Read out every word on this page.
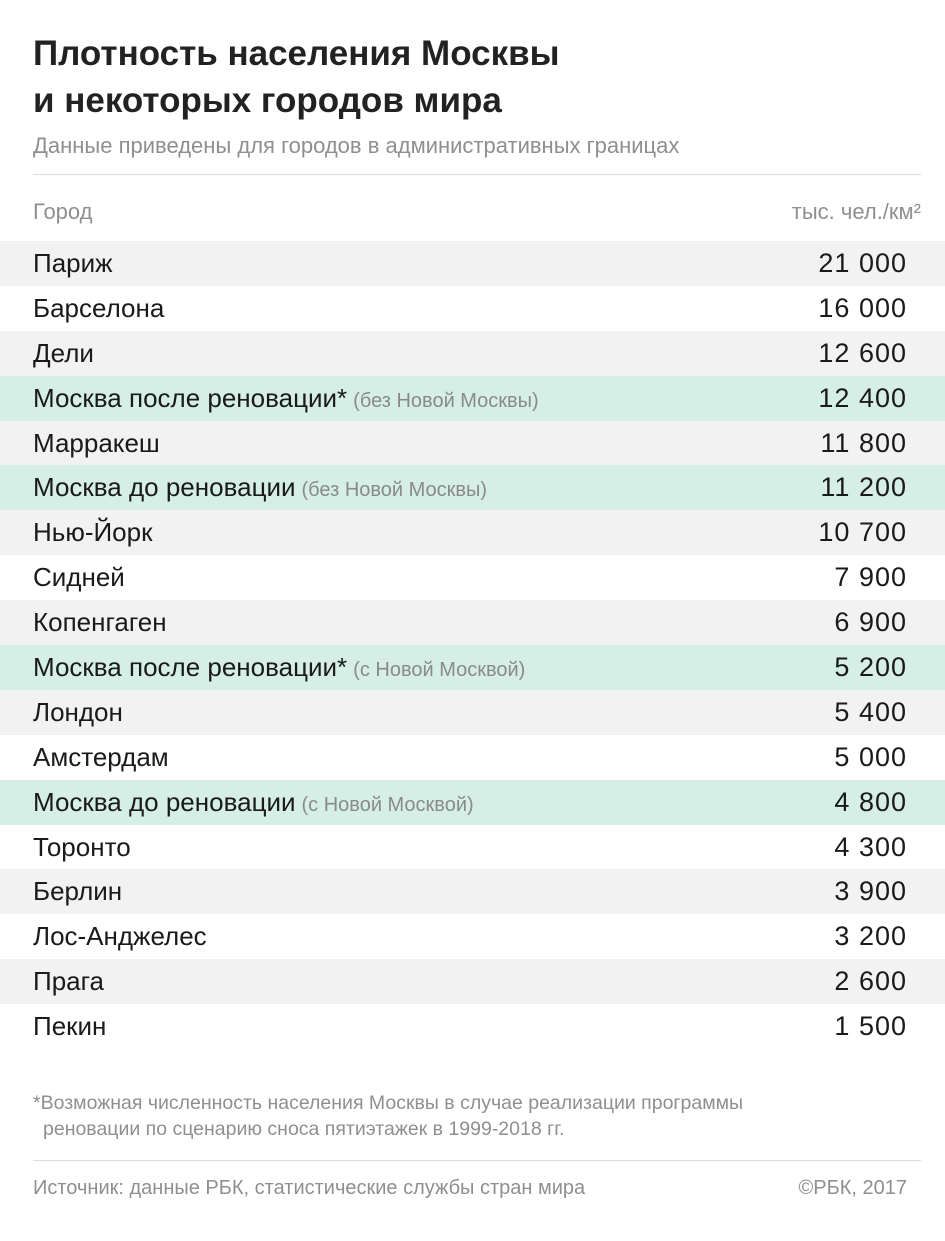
Плотность населения Москвы
и некоторых городов мира
Данные приведены для городов в административных границах
Город	тыс. чел./км²
Париж	21 000
Барселона	16 000
Дели	12 600
Москва после реновации* (без Новой Москвы)	12 400
Марракеш	11 800
Москва до реновации (без Новой Москвы)	11 200
Нью-Йорк	10 700
Сидней	7 900
Копенгаген	6 900
Москва после реновации* (с Новой Москвой)	5 200
Лондон	5 400
Амстердам	5 000
Москва до реновации (с Новой Москвой)	4 800
Торонто	4 300
Берлин	3 900
Лос-Анджелес	3 200
Прага	2 600
Пекин	1 500
*Возможная численность населения Москвы в случае реализации программы
реновации по сценарию сноса пятиэтажек в 1999-2018 гг.
Источник: данные РБК, статистические службы стран мира	©РБК, 2017
